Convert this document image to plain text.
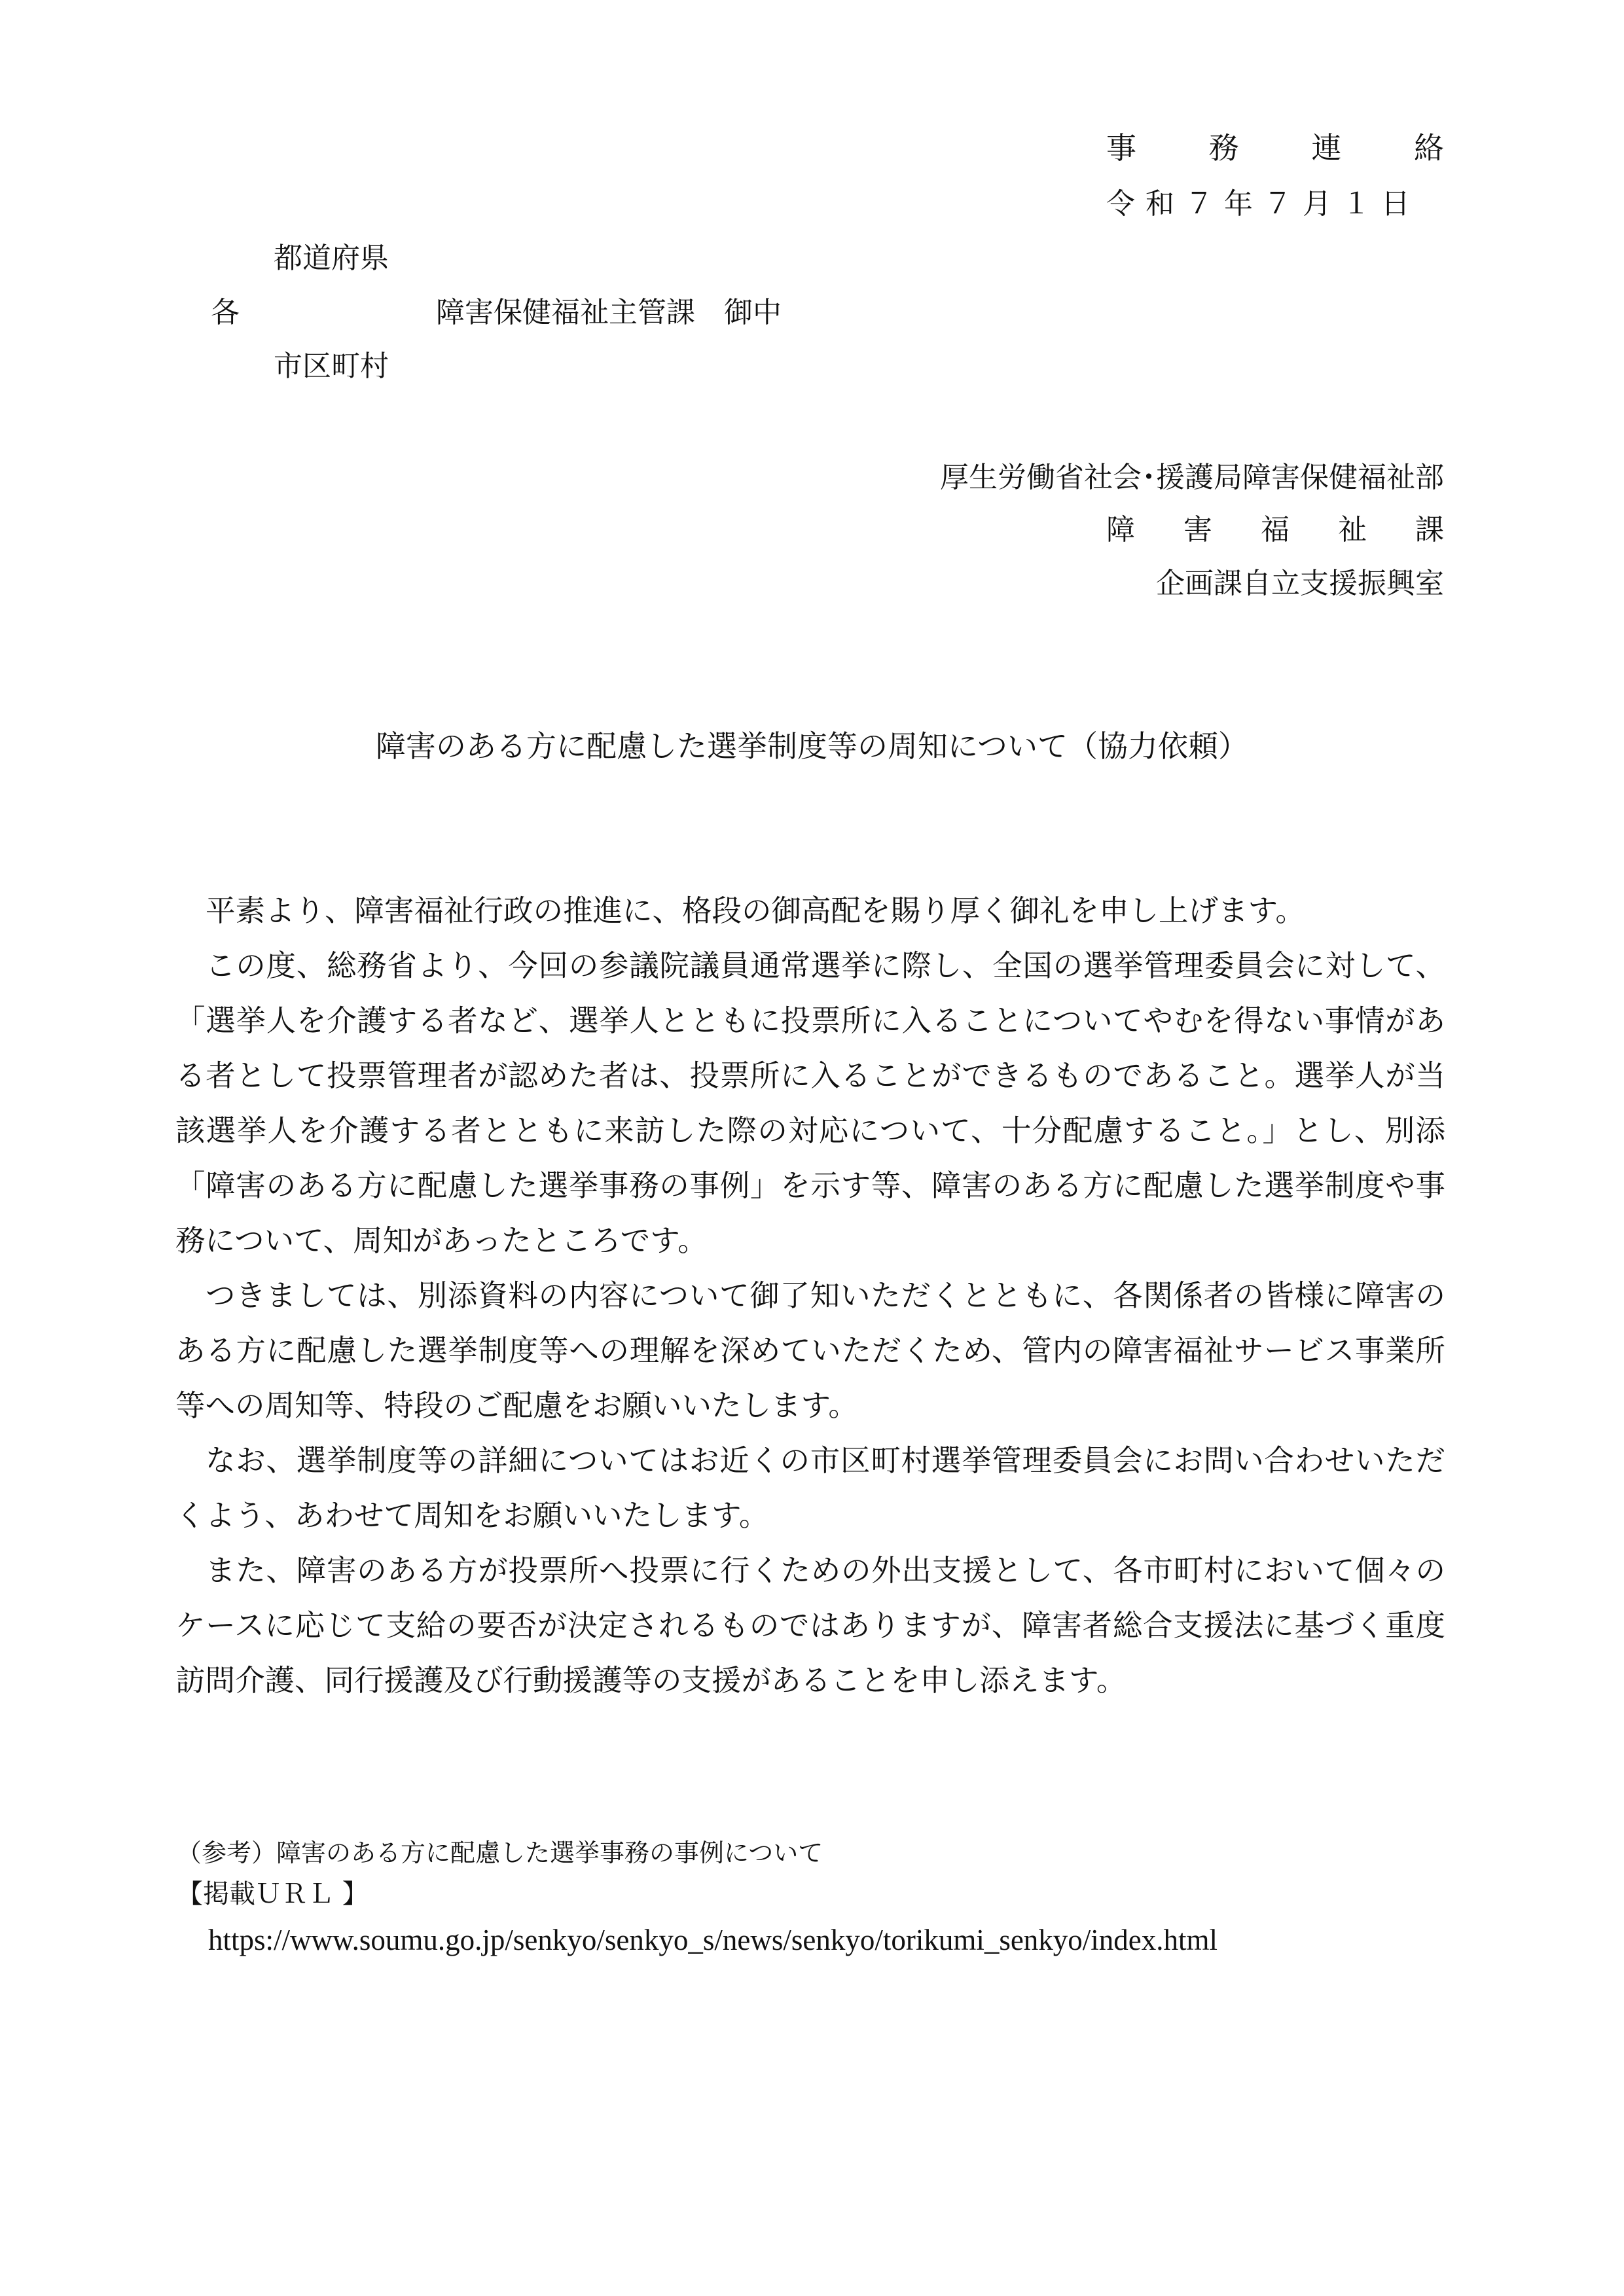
事 務 連 絡
令和７年７月１日
都道府県
各	障害保健福祉主管課　御中
市区町村
厚生労働省社会･援護局障害保健福祉部
障 害 福 祉 課
企画課自立支援振興室
障害のある方に配慮した選挙制度等の周知について（協力依頼）

平素より、障害福祉行政の推進に、格段の御高配を賜り厚く御礼を申し上げます。

この度、総務省より、今回の参議院議員通常選挙に際し、全国の選挙管理委員会に対して、「選挙人を介護する者など、選挙人とともに投票所に入ることについてやむを得ない事情がある者として投票管理者が認めた者は、投票所に入ることができるものであること。選挙人が当該選挙人を介護する者とともに来訪した際の対応について、十分配慮すること。」とし、別添「障害のある方に配慮した選挙事務の事例」を示す等、障害のある方に配慮した選挙制度や事務について、周知があったところです。

つきましては、別添資料の内容について御了知いただくとともに、各関係者の皆様に障害のある方に配慮した選挙制度等への理解を深めていただくため、管内の障害福祉サービス事業所等への周知等、特段のご配慮をお願いいたします。

なお、選挙制度等の詳細についてはお近くの市区町村選挙管理委員会にお問い合わせいただくよう、あわせて周知をお願いいたします。

また、障害のある方が投票所へ投票に行くための外出支援として、各市町村において個々のケースに応じて支給の要否が決定されるものではありますが、障害者総合支援法に基づく重度訪問介護、同行援護及び行動援護等の支援があることを申し添えます。

（参考）障害のある方に配慮した選挙事務の事例について
【掲載ＵＲＬ 】
https://www.soumu.go.jp/senkyo/senkyo_s/news/senkyo/torikumi_senkyo/index.html
